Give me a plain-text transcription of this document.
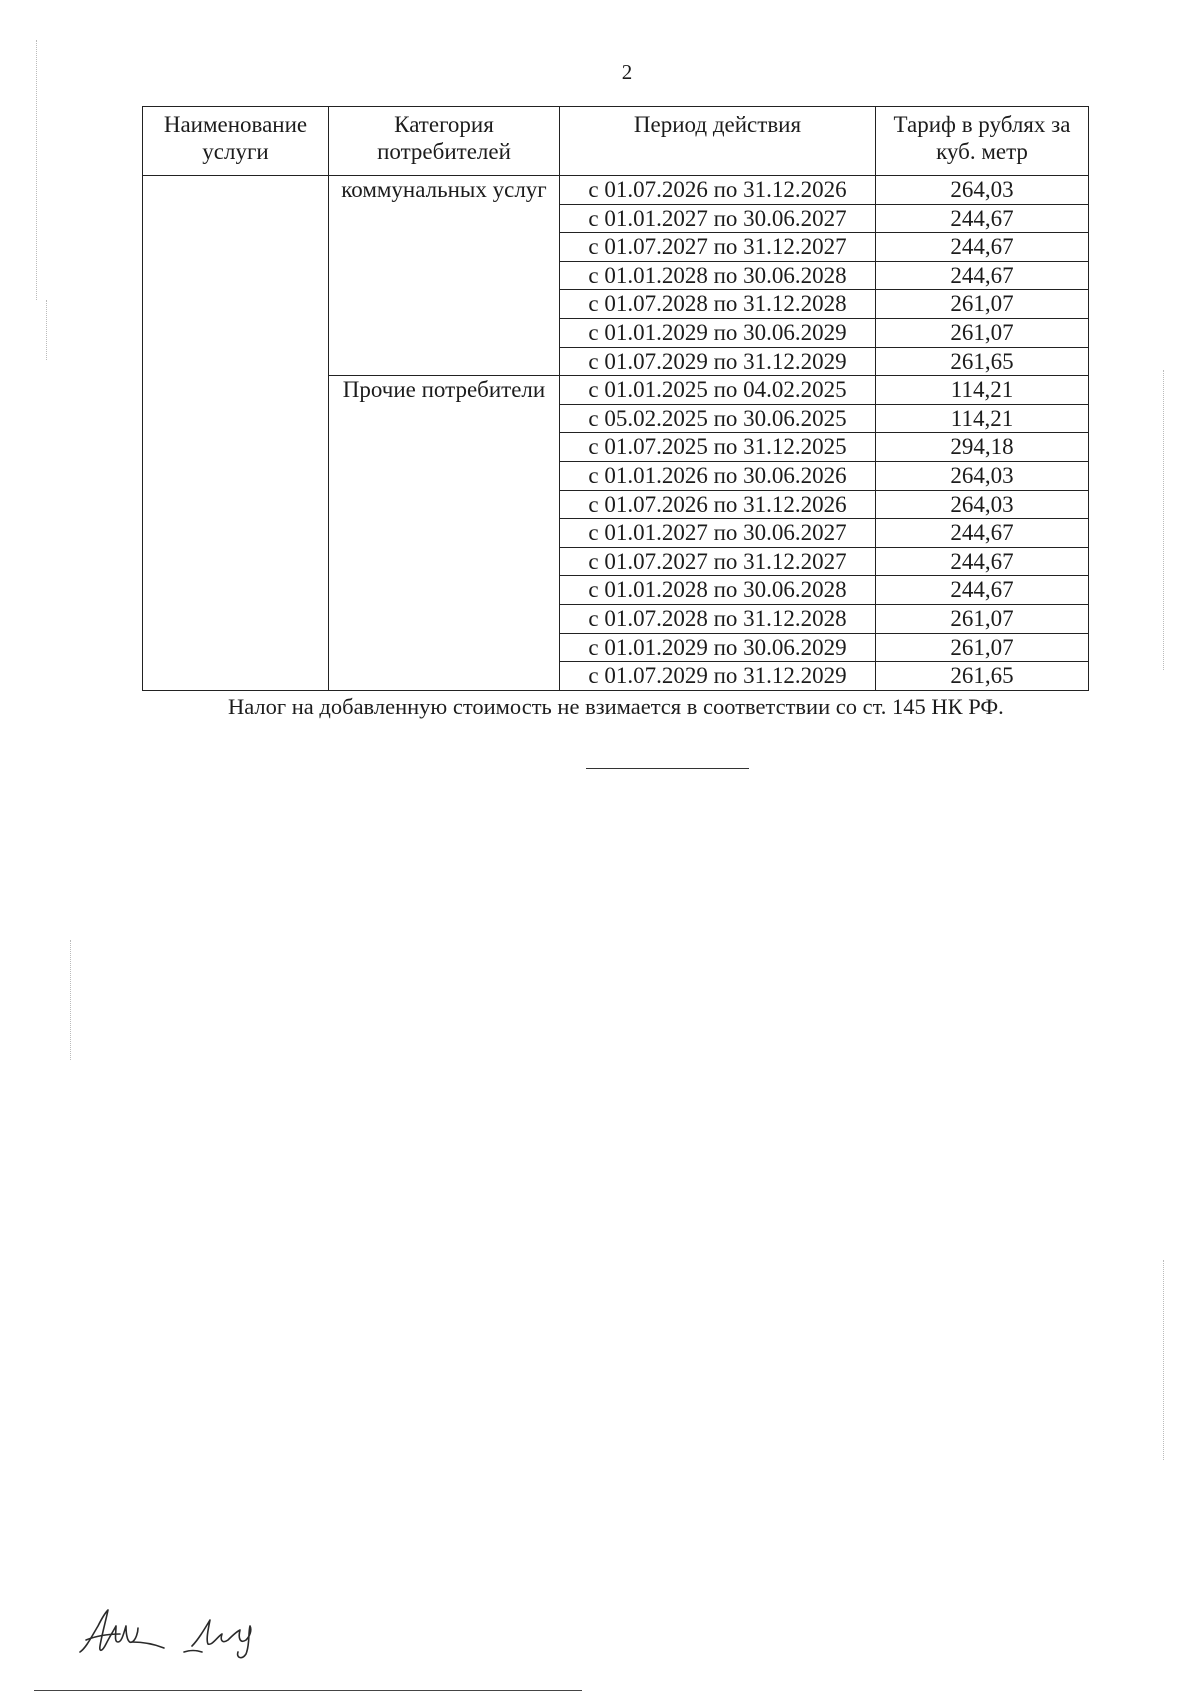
2
Наименование услуги	Категория потребителей	Период действия	Тариф в рублях за куб. метр
	коммунальных услуг	с 01.07.2026 по 31.12.2026	264,03
		с 01.01.2027 по 30.06.2027	244,67
		с 01.07.2027 по 31.12.2027	244,67
		с 01.01.2028 по 30.06.2028	244,67
		с 01.07.2028 по 31.12.2028	261,07
		с 01.01.2029 по 30.06.2029	261,07
		с 01.07.2029 по 31.12.2029	261,65
	Прочие потребители	с 01.01.2025 по 04.02.2025	114,21
		с 05.02.2025 по 30.06.2025	114,21
		с 01.07.2025 по 31.12.2025	294,18
		с 01.01.2026 по 30.06.2026	264,03
		с 01.07.2026 по 31.12.2026	264,03
		с 01.01.2027 по 30.06.2027	244,67
		с 01.07.2027 по 31.12.2027	244,67
		с 01.01.2028 по 30.06.2028	244,67
		с 01.07.2028 по 31.12.2028	261,07
		с 01.01.2029 по 30.06.2029	261,07
		с 01.07.2029 по 31.12.2029	261,65
Налог на добавленную стоимость не взимается в соответствии со ст. 145 НК РФ.
